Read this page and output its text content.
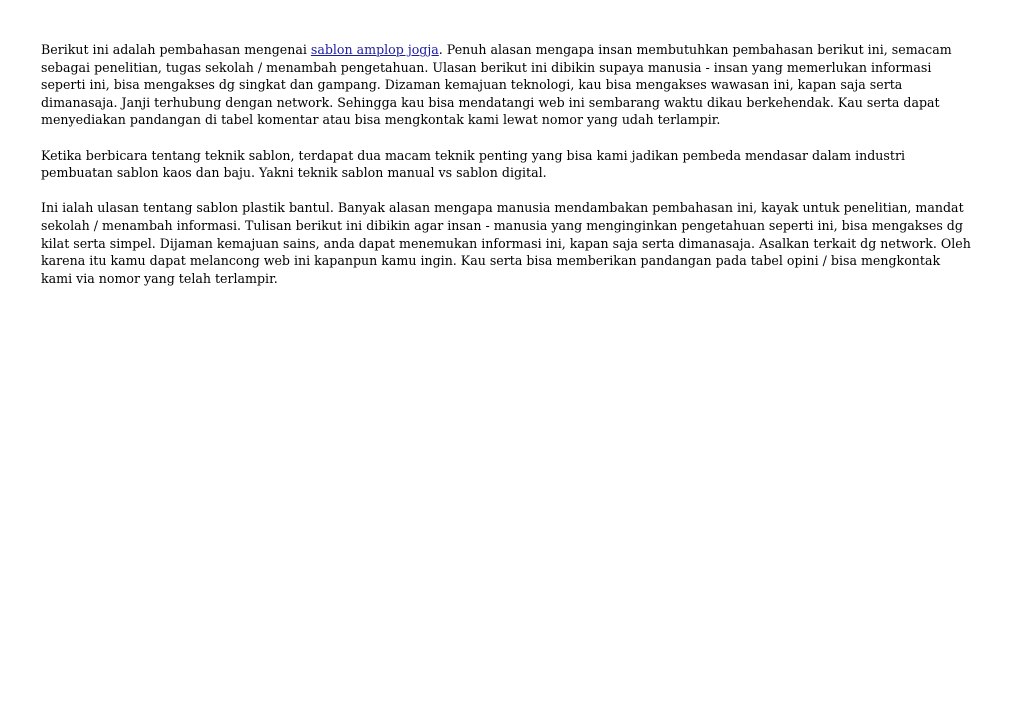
Berikut ini adalah pembahasan mengenai sablon amplop jogja. Penuh alasan mengapa insan membutuhkan pembahasan berikut ini, semacam sebagai penelitian, tugas sekolah / menambah pengetahuan. Ulasan berikut ini dibikin supaya manusia - insan yang memerlukan informasi seperti ini, bisa mengakses dg singkat dan gampang. Dizaman kemajuan teknologi, kau bisa mengakses wawasan ini, kapan saja serta dimanasaja. Janji terhubung dengan network. Sehingga kau bisa mendatangi web ini sembarang waktu dikau berkehendak. Kau serta dapat menyediakan pandangan di tabel komentar atau bisa mengkontak kami lewat nomor yang udah terlampir.

Ketika berbicara tentang teknik sablon, terdapat dua macam teknik penting yang bisa kami jadikan pembeda mendasar dalam industri pembuatan sablon kaos dan baju. Yakni teknik sablon manual vs sablon digital.

Ini ialah ulasan tentang sablon plastik bantul. Banyak alasan mengapa manusia mendambakan pembahasan ini, kayak untuk penelitian, mandat sekolah / menambah informasi. Tulisan berikut ini dibikin agar insan - manusia yang menginginkan pengetahuan seperti ini, bisa mengakses dg kilat serta simpel. Dijaman kemajuan sains, anda dapat menemukan informasi ini, kapan saja serta dimanasaja. Asalkan terkait dg network. Oleh karena itu kamu dapat melancong web ini kapanpun kamu ingin. Kau serta bisa memberikan pandangan pada tabel opini / bisa mengkontak kami via nomor yang telah terlampir.
